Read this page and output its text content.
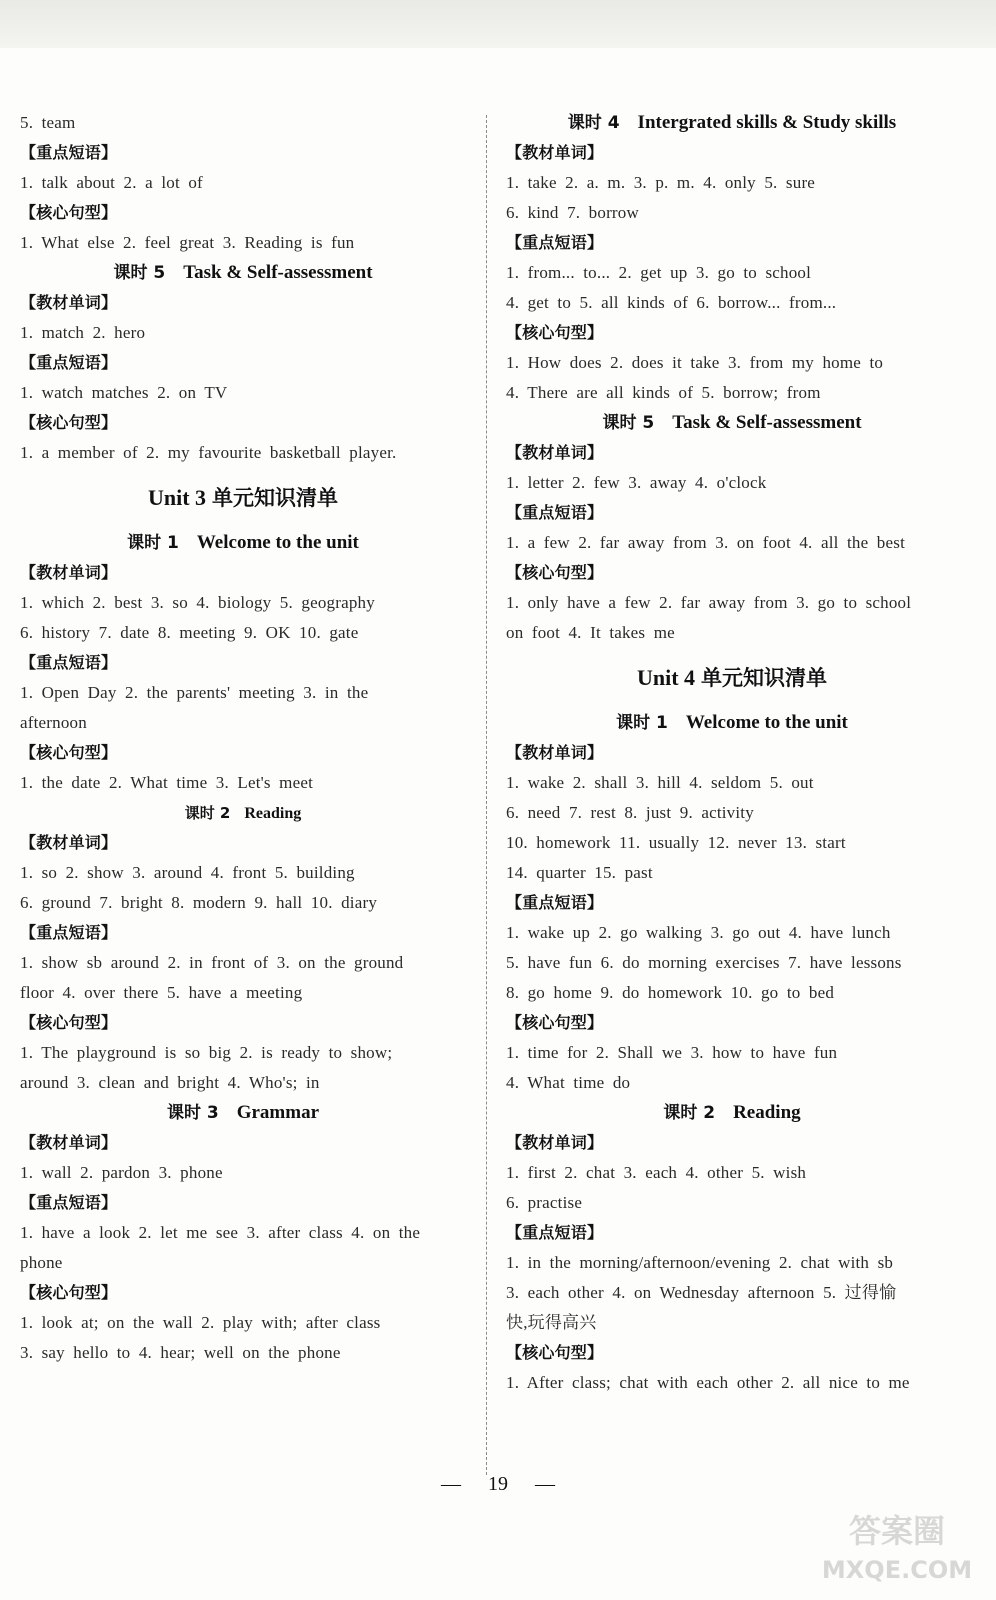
5. team
【重点短语】
1. talk about 2. a lot of
【核心句型】
1. What else 2. feel great 3. Reading is fun
课时 5 Task & Self-assessment
【教材单词】
1. match 2. hero
【重点短语】
1. watch matches 2. on TV
【核心句型】
1. a member of 2. my favourite basketball player.
Unit 3 单元知识清单
课时 1 Welcome to the unit
【教材单词】
1. which 2. best 3. so 4. biology 5. geography
6. history 7. date 8. meeting 9. OK 10. gate
【重点短语】
1. Open Day 2. the parents' meeting 3. in the
afternoon
【核心句型】
1. the date 2. What time 3. Let's meet
课时 2 Reading
【教材单词】
1. so 2. show 3. around 4. front 5. building
6. ground 7. bright 8. modern 9. hall 10. diary
【重点短语】
1. show sb around 2. in front of 3. on the ground
floor 4. over there 5. have a meeting
【核心句型】
1. The playground is so big 2. is ready to show;
around 3. clean and bright 4. Who's; in
课时 3 Grammar
【教材单词】
1. wall 2. pardon 3. phone
【重点短语】
1. have a look 2. let me see 3. after class 4. on the
phone
【核心句型】
1. look at; on the wall 2. play with; after class
3. say hello to 4. hear; well on the phone
课时 4 Intergrated skills & Study skills
【教材单词】
1. take 2. a. m. 3. p. m. 4. only 5. sure
6. kind 7. borrow
【重点短语】
1. from... to... 2. get up 3. go to school
4. get to 5. all kinds of 6. borrow... from...
【核心句型】
1. How does 2. does it take 3. from my home to
4. There are all kinds of 5. borrow; from
课时 5 Task & Self-assessment
【教材单词】
1. letter 2. few 3. away 4. o'clock
【重点短语】
1. a few 2. far away from 3. on foot 4. all the best
【核心句型】
1. only have a few 2. far away from 3. go to school
on foot 4. It takes me
Unit 4 单元知识清单
课时 1 Welcome to the unit
【教材单词】
1. wake 2. shall 3. hill 4. seldom 5. out
6. need 7. rest 8. just 9. activity
10. homework 11. usually 12. never 13. start
14. quarter 15. past
【重点短语】
1. wake up 2. go walking 3. go out 4. have lunch
5. have fun 6. do morning exercises 7. have lessons
8. go home 9. do homework 10. go to bed
【核心句型】
1. time for 2. Shall we 3. how to have fun
4. What time do
课时 2 Reading
【教材单词】
1. first 2. chat 3. each 4. other 5. wish
6. practise
【重点短语】
1. in the morning/afternoon/evening 2. chat with sb
3. each other 4. on Wednesday afternoon 5. 过得愉
快,玩得高兴
【核心句型】
1. After class; chat with each other 2. all nice to me
— 19 —
答案圈
MXQE.COM
